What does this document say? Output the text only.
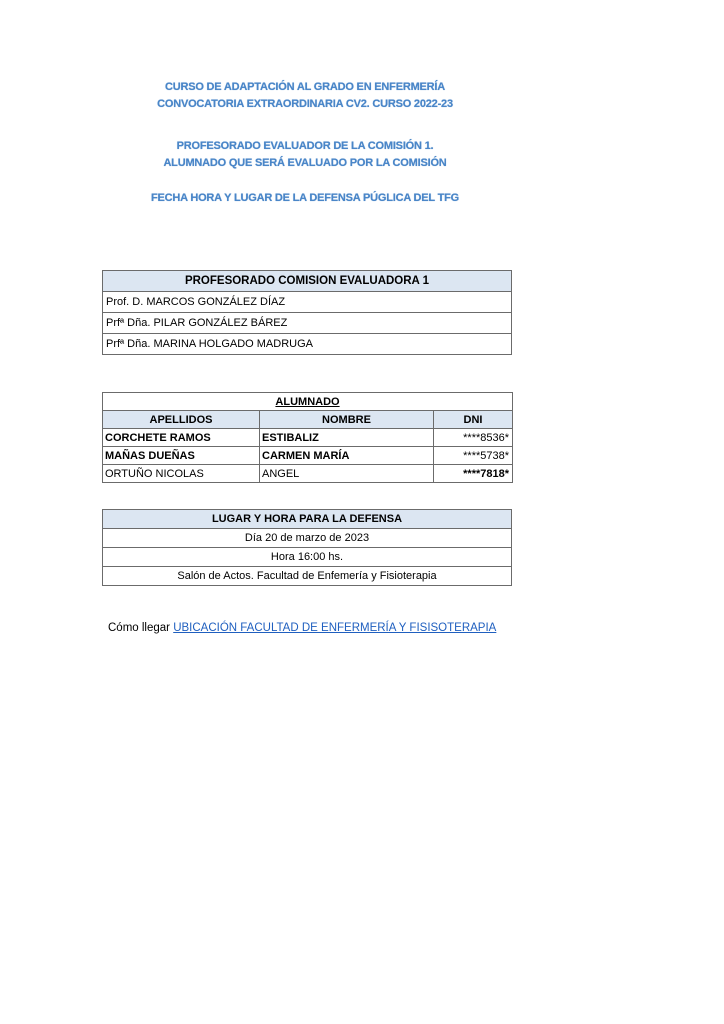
CURSO DE ADAPTACIÓN AL GRADO EN ENFERMERÍA
CONVOCATORIA EXTRAORDINARIA CV2. CURSO 2022-23
PROFESORADO EVALUADOR DE LA COMISIÓN 1.
ALUMNADO QUE SERÁ EVALUADO POR LA COMISIÓN
FECHA HORA Y LUGAR DE LA DEFENSA PÚGLICA DEL TFG
PROFESORADO COMISION EVALUADORA 1
Prof. D. MARCOS GONZÁLEZ DÍAZ
Prfª Dña. PILAR GONZÁLEZ BÁREZ
Prfª Dña. MARINA HOLGADO MADRUGA
ALUMNADO		
APELLIDOS	NOMBRE	DNI
CORCHETE RAMOS	ESTIBALIZ	****8536*
MAÑAS DUEÑAS	CARMEN MARÍA	****5738*
ORTUÑO NICOLAS	ANGEL	****7818*
LUGAR Y HORA PARA LA DEFENSA
Día 20 de marzo de 2023
Hora 16:00 hs.
Salón de Actos. Facultad de Enfemería y Fisioterapia
Cómo llegar UBICACIÓN FACULTAD DE ENFERMERÍA Y FISISOTERAPIA
